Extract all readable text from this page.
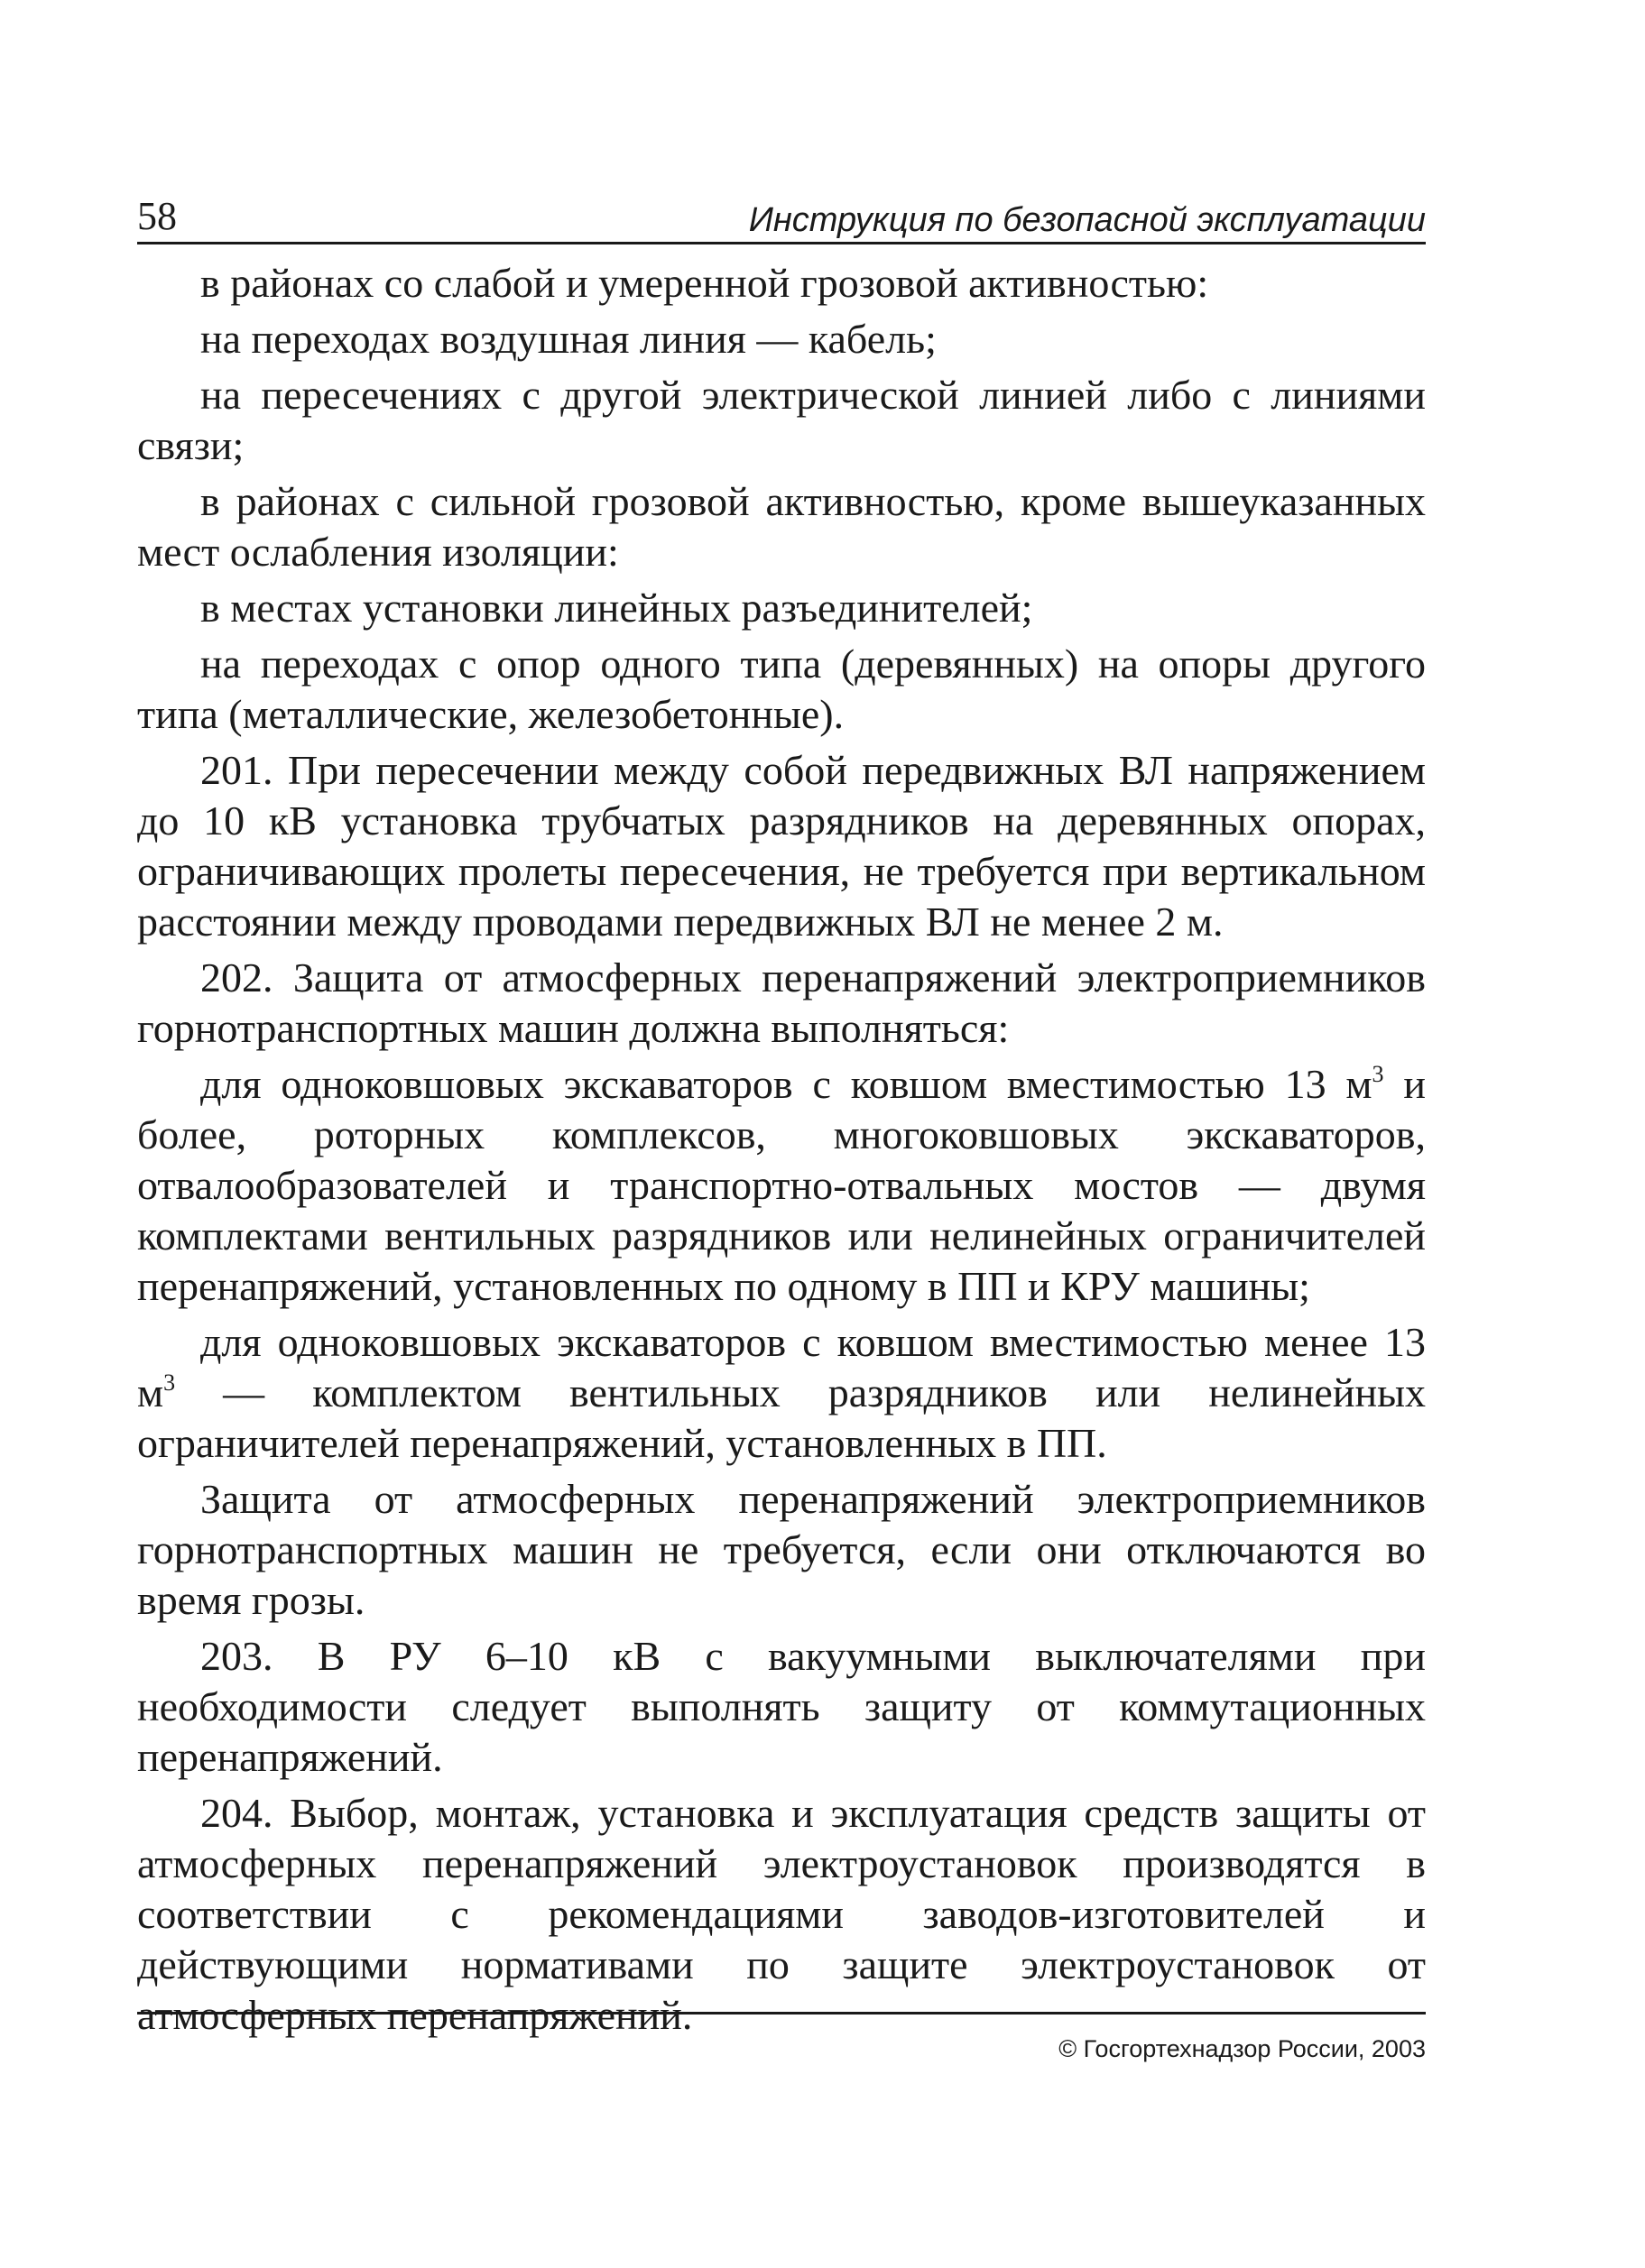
58	Инструкция по безопасной эксплуатации

в районах со слабой и умеренной грозовой активностью:

на переходах воздушная линия — кабель;

на пересечениях с другой электрической линией либо с линиями связи;

в районах с сильной грозовой активностью, кроме вышеуказанных мест ослабления изоляции:

в местах установки линейных разъединителей;

на переходах с опор одного типа (деревянных) на опоры другого типа (металлические, железобетонные).

201. При пересечении между собой передвижных ВЛ напряжением до 10 кВ установка трубчатых разрядников на деревянных опорах, ограничивающих пролеты пересечения, не требуется при вертикальном расстоянии между проводами передвижных ВЛ не менее 2 м.

202. Защита от атмосферных перенапряжений электроприемников горнотранспортных машин должна выполняться:

для одноковшовых экскаваторов с ковшом вместимостью 13 $м^3$ и более, роторных комплексов, многоковшовых экскаваторов, отвалообразователей и транспортно-отвальных мостов — двумя комплектами вентильных разрядников или нелинейных ограничителей перенапряжений, установленных по одному в ПП и КРУ машины;

для одноковшовых экскаваторов с ковшом вместимостью менее 13 $м^3$ — комплектом вентильных разрядников или нелинейных ограничителей перенапряжений, установленных в ПП.

Защита от атмосферных перенапряжений электроприемников горнотранспортных машин не требуется, если они отключаются во время грозы.

203. В РУ 6–10 кВ с вакуумными выключателями при необходимости следует выполнять защиту от коммутационных перенапряжений.

204. Выбор, монтаж, установка и эксплуатация средств защиты от атмосферных перенапряжений электроустановок производятся в соответствии с рекомендациями заводов-изготовителей и действующими нормативами по защите электроустановок от атмосферных перенапряжений.

© Госгортехнадзор России, 2003
